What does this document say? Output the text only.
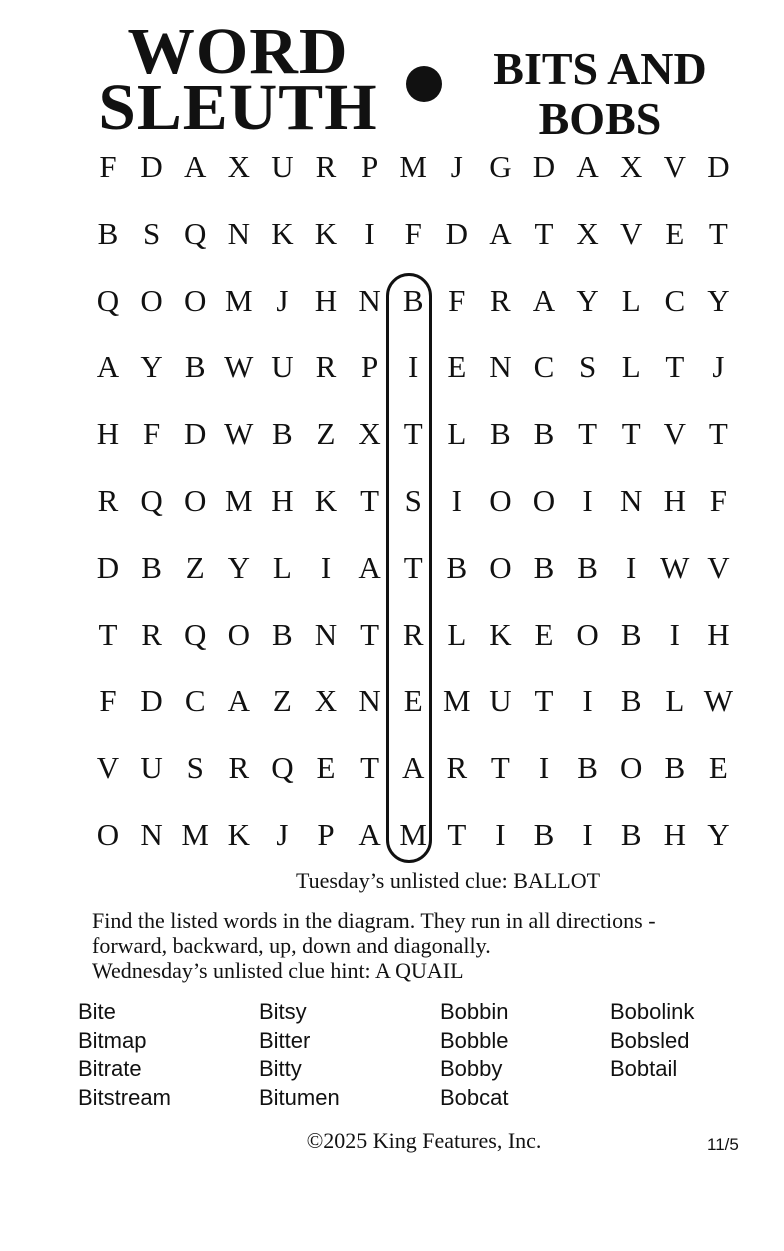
WORD
SLEUTH
BITS AND
BOBS
F D A X U R P M J G D A X V D
B S Q N K K I F D A T X V E T
Q O O M J H N B F R A Y L C Y
A Y B W U R P I E N C S L T J
H F D W B Z X T L B B T T V T
R Q O M H K T S I O O I N H F
D B Z Y L I A T B O B B I W V
T R Q O B N T R L K E O B I H
F D C A Z X N E M U T I B L W
V U S R Q E T A R T I B O B E
O N M K J P A M T I B I B H Y
Tuesday’s unlisted clue: BALLOT
Find the listed words in the diagram. They run in all directions -
forward, backward, up, down and diagonally.
Wednesday’s unlisted clue hint: A QUAIL
Bite
Bitmap
Bitrate
Bitstream
Bitsy
Bitter
Bitty
Bitumen
Bobbin
Bobble
Bobby
Bobcat
Bobolink
Bobsled
Bobtail
©2025 King Features, Inc.	11/5
